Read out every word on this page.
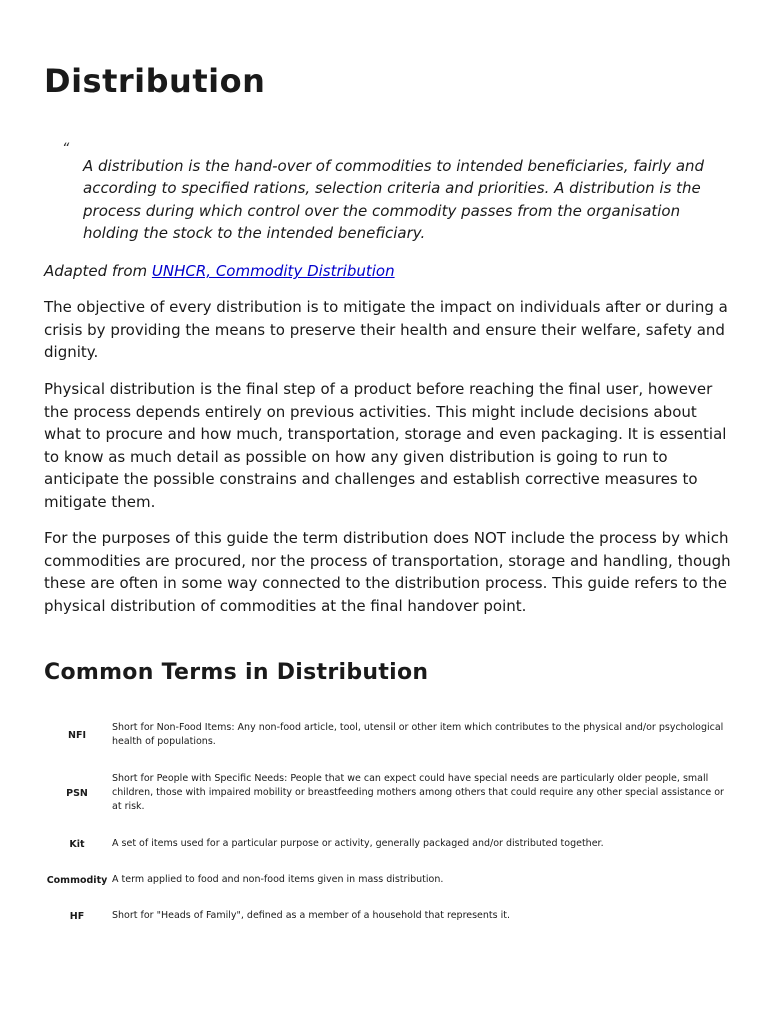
Distribution
“

A distribution is the hand-over of commodities to intended beneficiaries, fairly and according to specified rations, selection criteria and priorities. A distribution is the process during which control over the commodity passes from the organisation holding the stock to the intended beneficiary.

Adapted from UNHCR, Commodity Distribution

The objective of every distribution is to mitigate the impact on individuals after or during a crisis by providing the means to preserve their health and ensure their welfare, safety and dignity.

Physical distribution is the final step of a product before reaching the final user, however the process depends entirely on previous activities. This might include decisions about what to procure and how much, transportation, storage and even packaging. It is essential to know as much detail as possible on how any given distribution is going to run to anticipate the possible constrains and challenges and establish corrective measures to mitigate them.

For the purposes of this guide the term distribution does NOT include the process by which commodities are procured, nor the process of transportation, storage and handling, though these are often in some way connected to the distribution process. This guide refers to the physical distribution of commodities at the final handover point.

Common Terms in Distribution
NFI
Short for Non-Food Items: Any non-food article, tool, utensil or other item which contributes to the physical and/or psychological health of populations.
PSN
Short for People with Specific Needs: People that we can expect could have special needs are particularly older people, small children, those with impaired mobility or breastfeeding mothers among others that could require any other special assistance or at risk.
Kit	A set of items used for a particular purpose or activity, generally packaged and/or distributed together.
Commodity A term applied to food and non-food items given in mass distribution.
HF	Short for "Heads of Family", defined as a member of a household that represents it.
